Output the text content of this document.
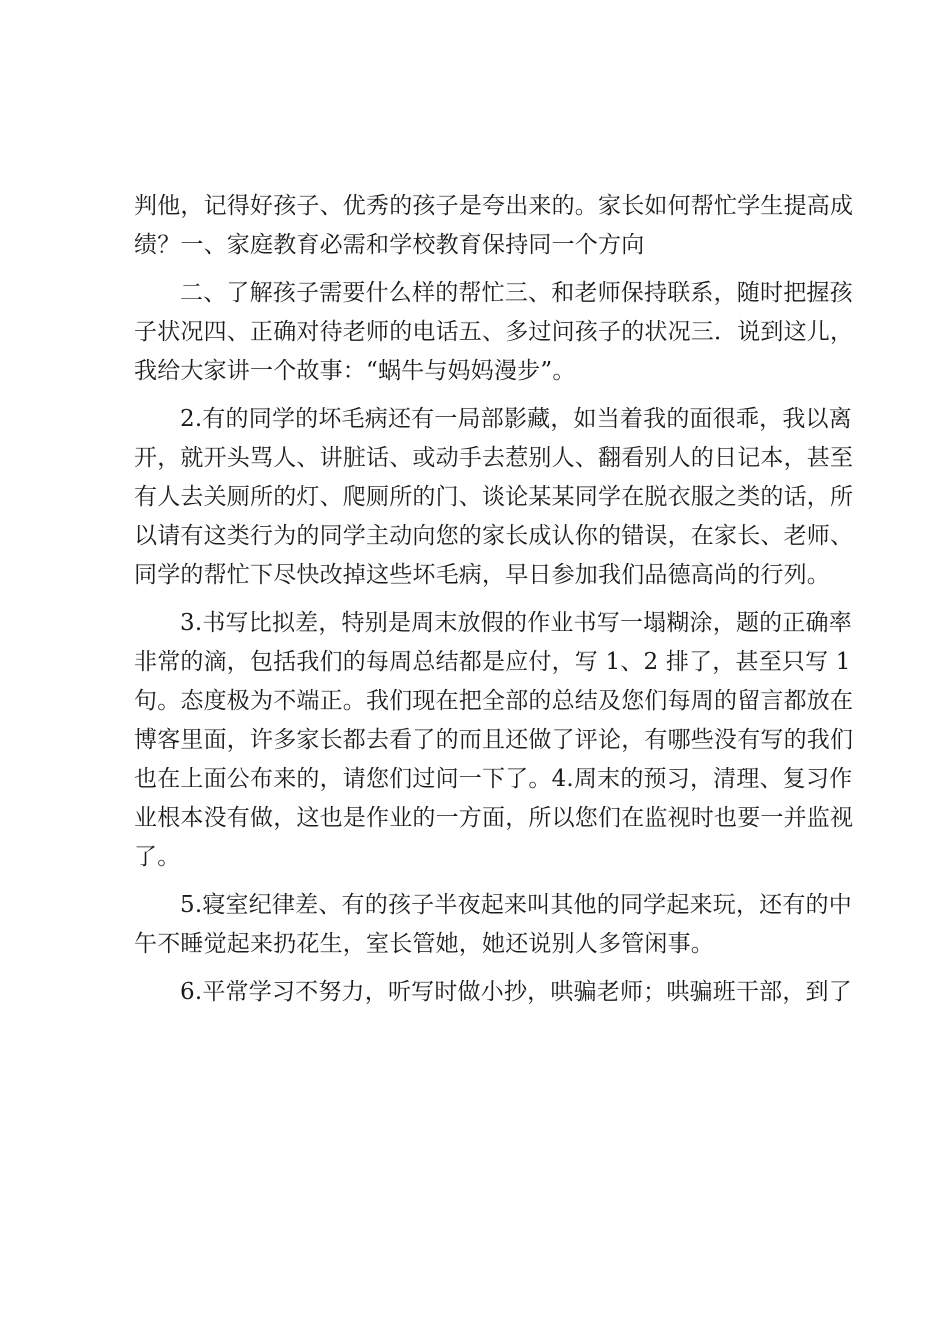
判他，记得好孩子、优秀的孩子是夸出来的。家长如何帮忙学生提高成
绩？一、家庭教育必需和学校教育保持同一个方向

二、了解孩子需要什么样的帮忙三、和老师保持联系，随时把握孩
子状况四、正确对待老师的电话五、多过问孩子的状况三．说到这儿，
我给大家讲一个故事：“蜗牛与妈妈漫步”。

2.有的同学的坏毛病还有一局部影藏，如当着我的面很乖，我以离
开，就开头骂人、讲脏话、或动手去惹别人、翻看别人的日记本，甚至
有人去关厕所的灯、爬厕所的门、谈论某某同学在脱衣服之类的话，所
以请有这类行为的同学主动向您的家长成认你的错误，在家长、老师、
同学的帮忙下尽快改掉这些坏毛病，早日参加我们品德高尚的行列。

3.书写比拟差，特别是周末放假的作业书写一塌糊涂，题的正确率
非常的滴，包括我们的每周总结都是应付，写 1、2 排了，甚至只写 1
句。态度极为不端正。我们现在把全部的总结及您们每周的留言都放在
博客里面，许多家长都去看了的而且还做了评论，有哪些没有写的我们
也在上面公布来的，请您们过问一下了。4.周末的预习，清理、复习作
业根本没有做，这也是作业的一方面，所以您们在监视时也要一并监视
了。

5.寝室纪律差、有的孩子半夜起来叫其他的同学起来玩，还有的中
午不睡觉起来扔花生，室长管她，她还说别人多管闲事。

6.平常学习不努力，听写时做小抄，哄骗老师；哄骗班干部，到了
